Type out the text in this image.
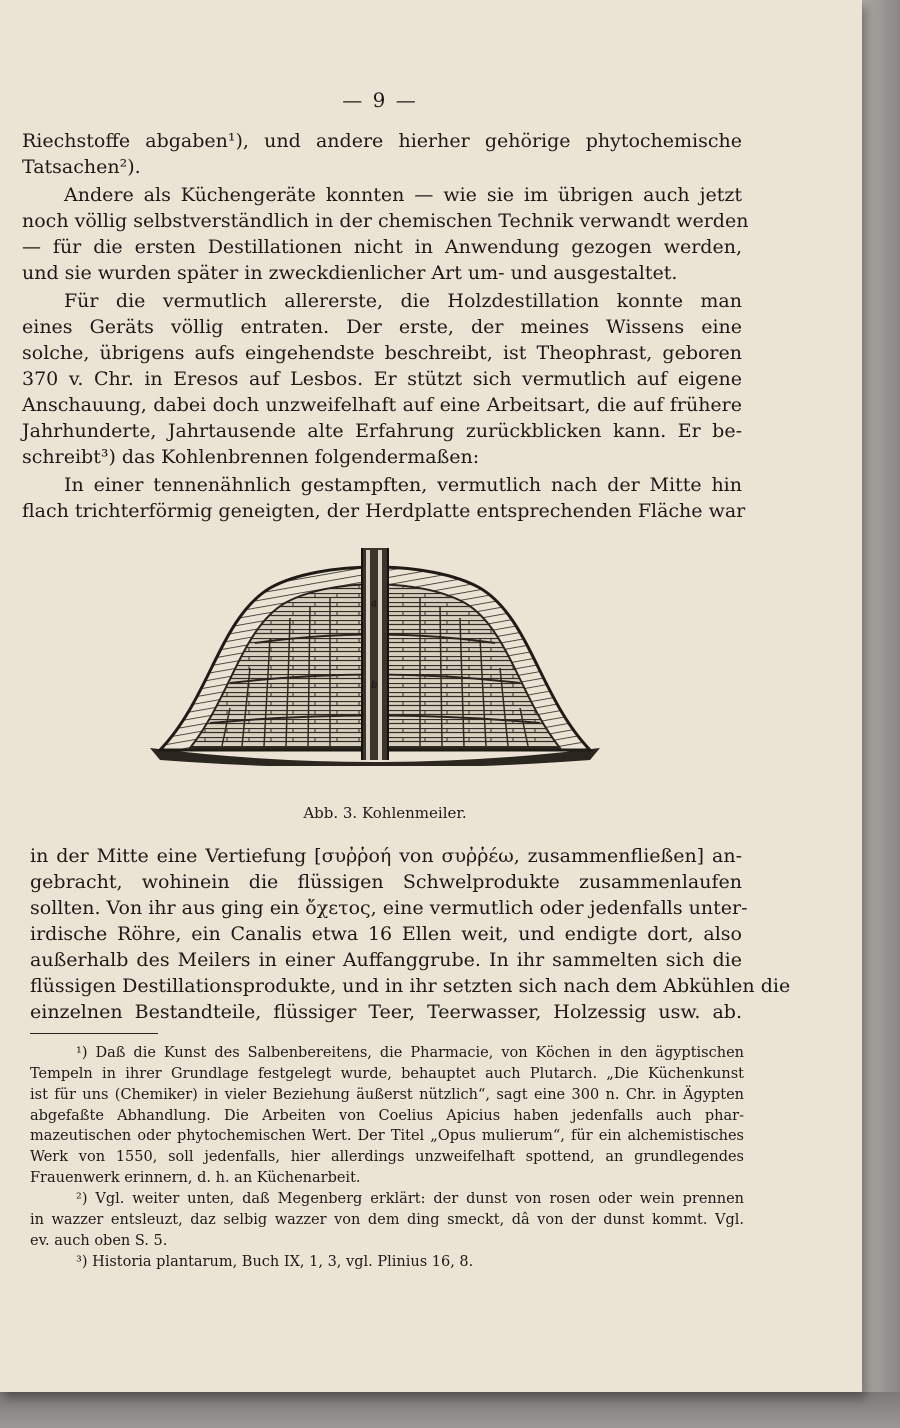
— 9 —
Riechstoffe abgaben¹), und andere hierher gehörige phytochemische
Tatsachen²).
Andere als Küchengeräte konnten — wie sie im übrigen auch jetzt
noch völlig selbstverständlich in der chemischen Technik verwandt werden
— für die ersten Destillationen nicht in Anwendung gezogen werden,
und sie wurden später in zweckdienlicher Art um- und ausgestaltet.
Für die vermutlich allererste, die Holzdestillation konnte man
eines Geräts völlig entraten. Der erste, der meines Wissens eine
solche, übrigens aufs eingehendste beschreibt, ist Theophrast, geboren
370 v. Chr. in Eresos auf Lesbos. Er stützt sich vermutlich auf eigene
Anschauung, dabei doch unzweifelhaft auf eine Arbeitsart, die auf frühere
Jahrhunderte, Jahrtausende alte Erfahrung zurückblicken kann. Er be-
schreibt³) das Kohlenbrennen folgendermaßen:
In einer tennenähnlich gestampften, vermutlich nach der Mitte hin
flach trichterförmig geneigten, der Herdplatte entsprechenden Fläche war
a
b
Abb. 3. Kohlenmeiler.
in der Mitte eine Vertiefung [συῤῥοή von συῤῥέω, zusammenfließen] an-
gebracht, wohinein die flüssigen Schwelprodukte zusammenlaufen
sollten. Von ihr aus ging ein ὄχετος, eine vermutlich oder jedenfalls unter-
irdische Röhre, ein Canalis etwa 16 Ellen weit, und endigte dort, also
außerhalb des Meilers in einer Auffanggrube. In ihr sammelten sich die
flüssigen Destillationsprodukte, und in ihr setzten sich nach dem Abkühlen die
einzelnen Bestandteile, flüssiger Teer, Teerwasser, Holzessig usw. ab.
¹) Daß die Kunst des Salbenbereitens, die Pharmacie, von Köchen in den ägyptischen
Tempeln in ihrer Grundlage festgelegt wurde, behauptet auch Plutarch. „Die Küchenkunst
ist für uns (Chemiker) in vieler Beziehung äußerst nützlich“, sagt eine 300 n. Chr. in Ägypten
abgefaßte Abhandlung. Die Arbeiten von Coelius Apicius haben jedenfalls auch phar-
mazeutischen oder phytochemischen Wert. Der Titel „Opus mulierum“, für ein alchemistisches
Werk von 1550, soll jedenfalls, hier allerdings unzweifelhaft spottend, an grundlegendes
Frauenwerk erinnern, d. h. an Küchenarbeit.
²) Vgl. weiter unten, daß Megenberg erklärt: der dunst von rosen oder wein prennen
in wazzer entsleuzt, daz selbig wazzer von dem ding smeckt, dâ von der dunst kommt. Vgl.
ev. auch oben S. 5.
³) Historia plantarum, Buch IX, 1, 3, vgl. Plinius 16, 8.
